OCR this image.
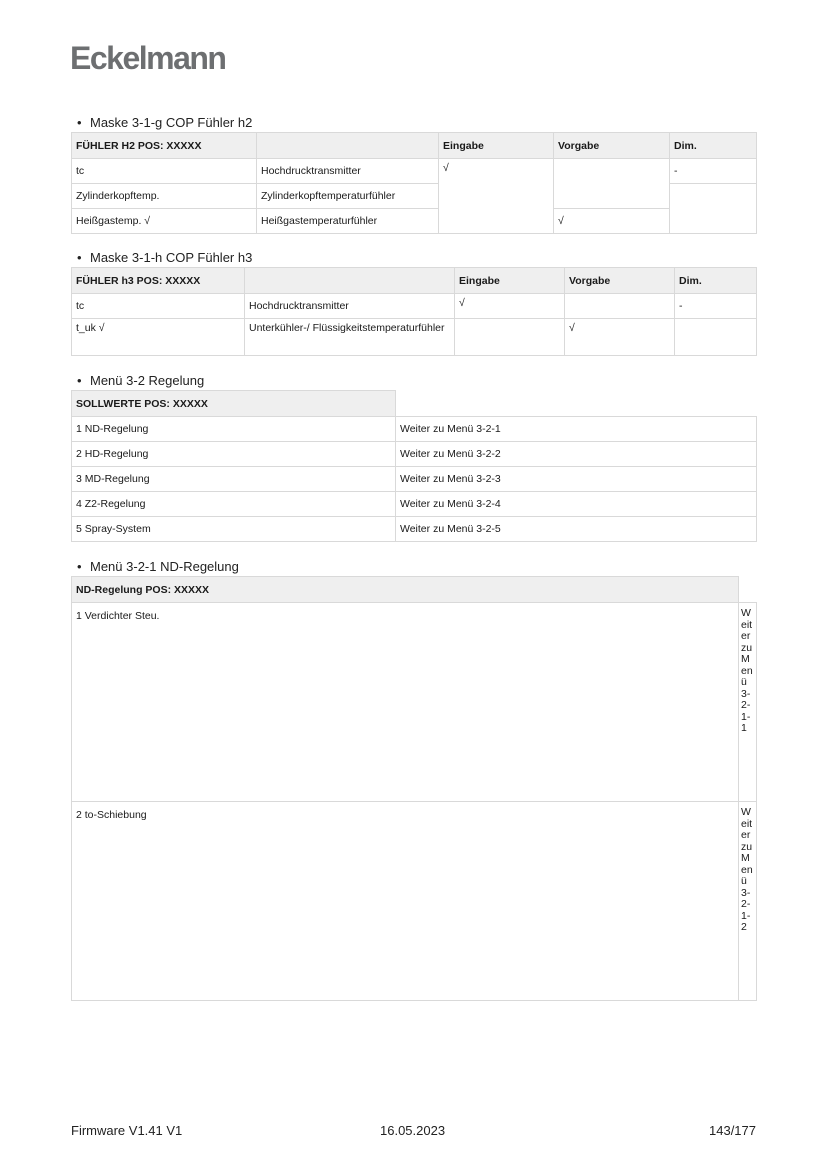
Eckelmann
• Maske 3-1-g COP Fühler h2
FÜHLER H2 POS: XXXXX		Eingabe	Vorgabe	Dim.
tc	Hochdrucktransmitter	√		-
Zylinderkopftemp.	Zylinderkopftemperaturfühler			
Heißgastemp. √	Heißgastemperaturfühler		√	
• Maske 3-1-h COP Fühler h3
FÜHLER h3 POS: XXXXX		Eingabe	Vorgabe	Dim.
tc	Hochdrucktransmitter	√		-
t_uk √	Unterkühler-/ Flüssigkeitstemperaturfühler		√	
• Menü 3-2 Regelung
SOLLWERTE POS: XXXXX	
1 ND-Regelung	Weiter zu Menü 3-2-1
2 HD-Regelung	Weiter zu Menü 3-2-2
3 MD-Regelung	Weiter zu Menü 3-2-3
4 Z2-Regelung	Weiter zu Menü 3-2-4
5 Spray-System	Weiter zu Menü 3-2-5
• Menü 3-2-1 ND-Regelung
ND-Regelung POS: XXXXX	
1 Verdichter Steu.	Weiter zu Menü 3-2-1-1
2 to-Schiebung	Weiter zu Menü 3-2-1-2
Firmware V1.41 V1	16.05.2023	143/177
